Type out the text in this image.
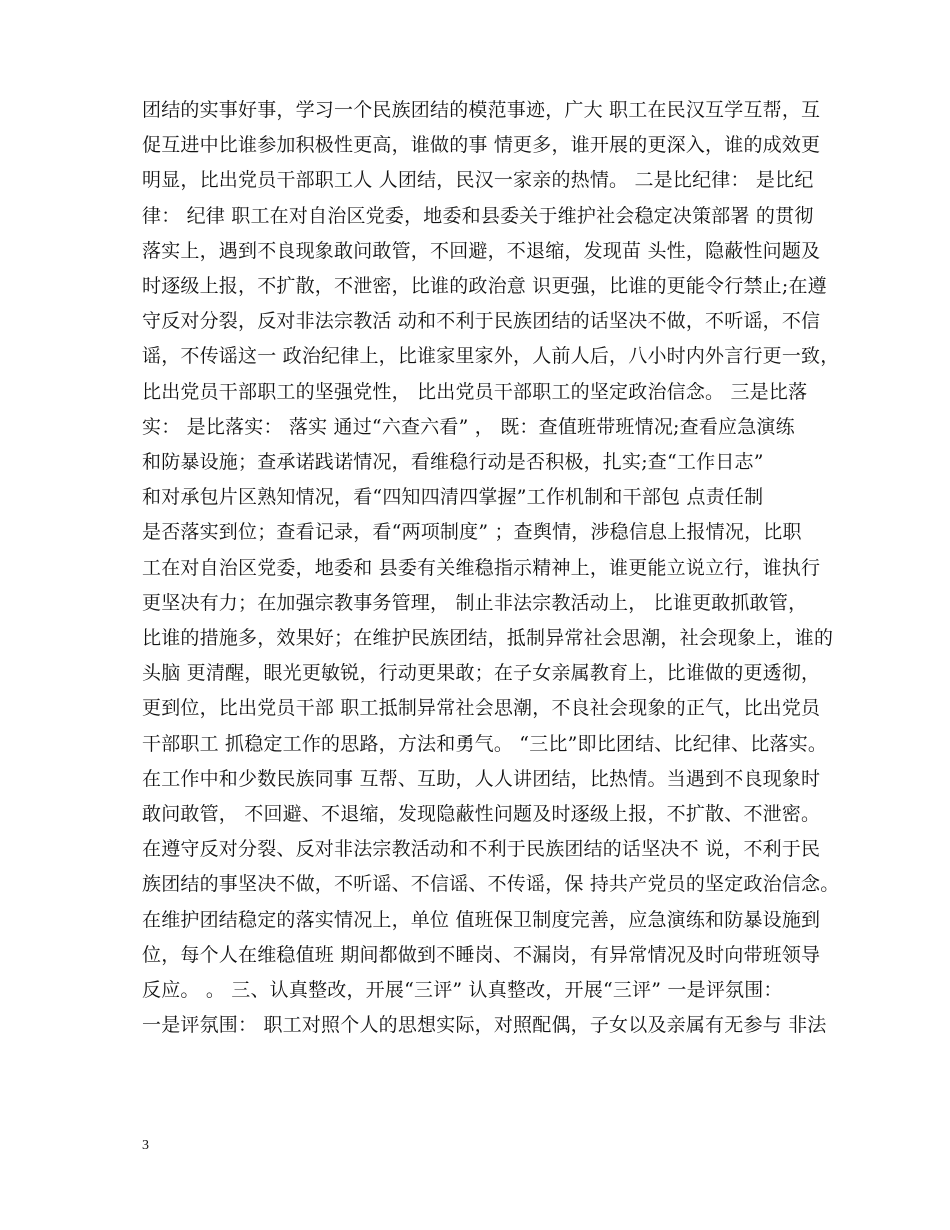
团结的实事好事，学习一个民族团结的模范事迹，广大 职工在民汉互学互帮，互
促互进中比谁参加积极性更高，谁做的事 情更多，谁开展的更深入，谁的成效更
明显，比出党员干部职工人 人团结，民汉一家亲的热情。 二是比纪律： 是比纪
律： 纪律 职工在对自治区党委，地委和县委关于维护社会稳定决策部署 的贯彻
落实上，遇到不良现象敢问敢管，不回避，不退缩，发现苗 头性，隐蔽性问题及
时逐级上报，不扩散，不泄密，比谁的政治意 识更强，比谁的更能令行禁止;在遵
守反对分裂，反对非法宗教活 动和不利于民族团结的话坚决不做，不听谣，不信
谣，不传谣这一 政治纪律上，比谁家里家外，人前人后，八小时内外言行更一致，
比出党员干部职工的坚强党性， 比出党员干部职工的坚定政治信念。 三是比落
实： 是比落实： 落实 通过“六查六看” ， 既：查值班带班情况;查看应急演练
和防暴设施；查承诺践诺情况，看维稳行动是否积极，扎实;查“工作日志”
和对承包片区熟知情况，看“四知四清四掌握”工作机制和干部包 点责任制
是否落实到位；查看记录，看“两项制度” ；查舆情，涉稳信息上报情况，比职
工在对自治区党委，地委和 县委有关维稳指示精神上，谁更能立说立行，谁执行
更坚决有力；在加强宗教事务管理， 制止非法宗教活动上， 比谁更敢抓敢管，
比谁的措施多，效果好；在维护民族团结，抵制异常社会思潮，社会现象上，谁的
头脑 更清醒，眼光更敏锐，行动更果敢；在子女亲属教育上，比谁做的更透彻，
更到位，比出党员干部 职工抵制异常社会思潮，不良社会现象的正气，比出党员
干部职工 抓稳定工作的思路，方法和勇气。 “三比”即比团结、比纪律、比落实。
在工作中和少数民族同事 互帮、互助，人人讲团结，比热情。当遇到不良现象时
敢问敢管， 不回避、不退缩，发现隐蔽性问题及时逐级上报，不扩散、不泄密。
在遵守反对分裂、反对非法宗教活动和不利于民族团结的话坚决不 说，不利于民
族团结的事坚决不做，不听谣、不信谣、不传谣，保 持共产党员的坚定政治信念。
在维护团结稳定的落实情况上，单位 值班保卫制度完善，应急演练和防暴设施到
位，每个人在维稳值班 期间都做到不睡岗、不漏岗，有异常情况及时向带班领导
反应。 。 三、认真整改，开展“三评” 认真整改，开展“三评” 一是评氛围：
一是评氛围： 职工对照个人的思想实际，对照配偶，子女以及亲属有无参与 非法
3
